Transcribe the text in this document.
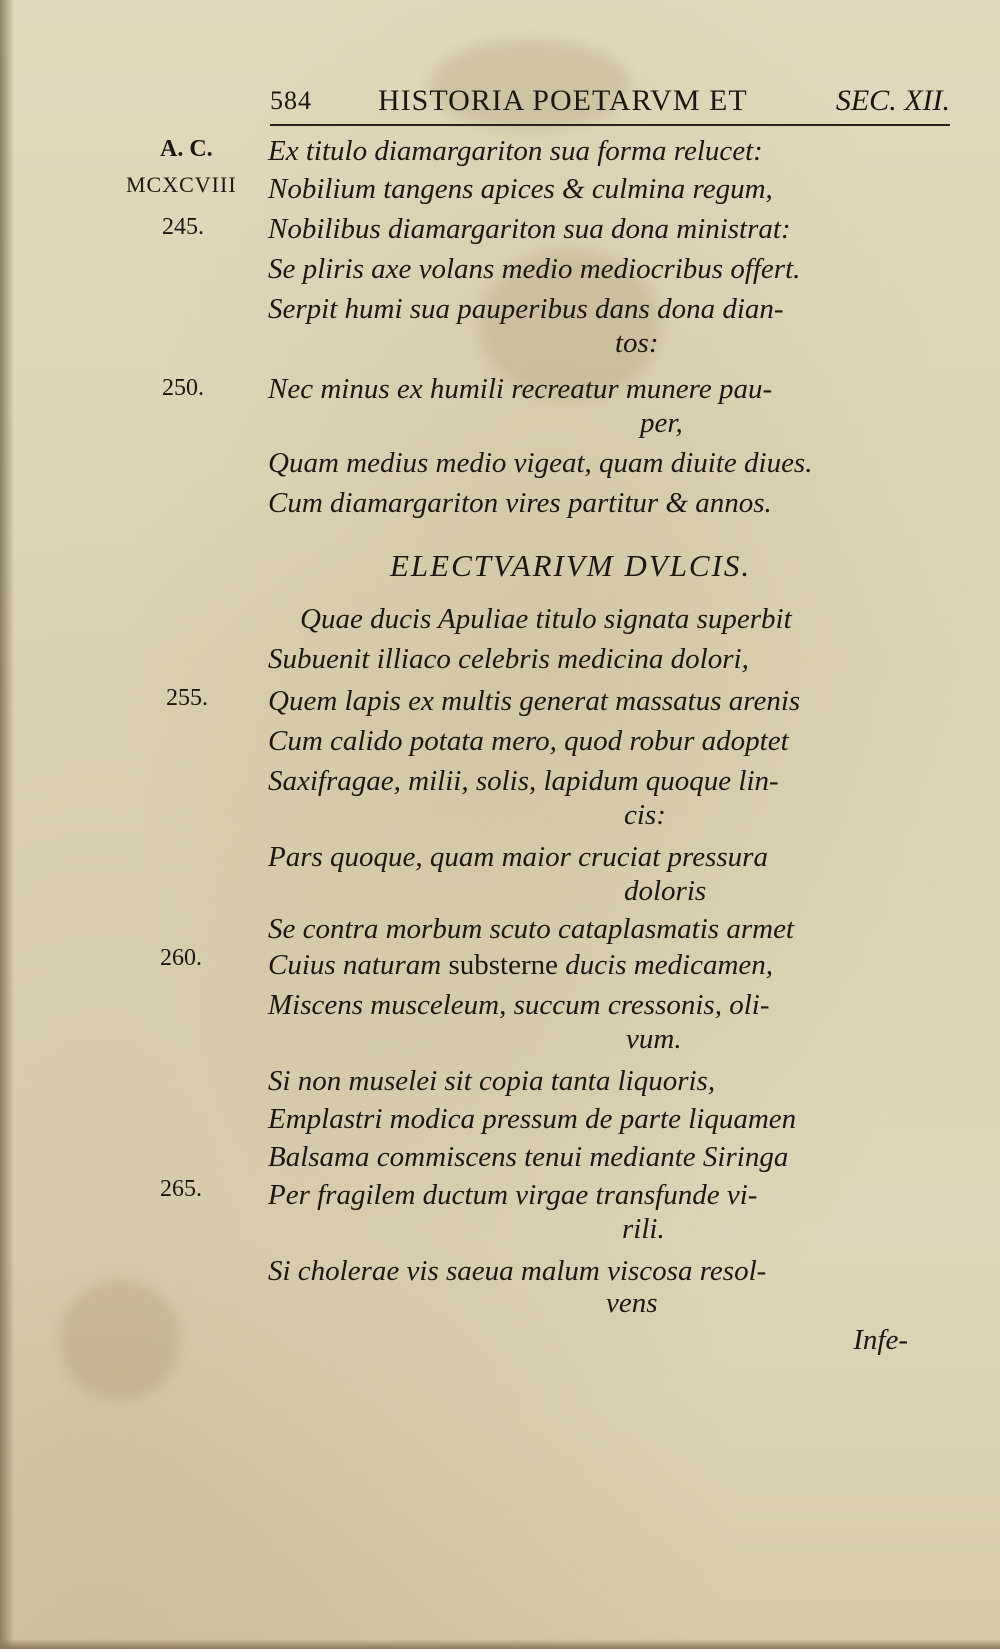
584 HISTORIA POETARVM ET	SEC. XII.
A. C.
MCXCVIII
245.
250.
255.
260.
265.
Ex titulo diamargariton sua forma relucet:
Nobilium tangens apices & culmina regum,
Nobilibus diamargariton sua dona ministrat:
Se pliris axe volans medio mediocribus offert.
Serpit humi sua pauperibus dans dona dian-
tos:
Nec minus ex humili recreatur munere pau-
per,
Quam medius medio vigeat, quam diuite diues.
Cum diamargariton vires partitur & annos.
ELECTVARIVM DVLCIS.
Quae ducis Apuliae titulo signata superbit
Subuenit illiaco celebris medicina dolori,
Quem lapis ex multis generat massatus arenis
Cum calido potata mero, quod robur adoptet
Saxifragae, milii, solis, lapidum quoque lin-
cis:
Pars quoque, quam maior cruciat pressura
doloris
Se contra morbum scuto cataplasmatis armet
Cuius naturam substerne ducis medicamen,
Miscens musceleum, succum cressonis, oli-
vum.
Si non muselei sit copia tanta liquoris,
Emplastri modica pressum de parte liquamen
Balsama commiscens tenui mediante Siringa
Per fragilem ductum virgae transfunde vi-
rili.
Si cholerae vis saeua malum viscosa resol-
vens
Infe-
